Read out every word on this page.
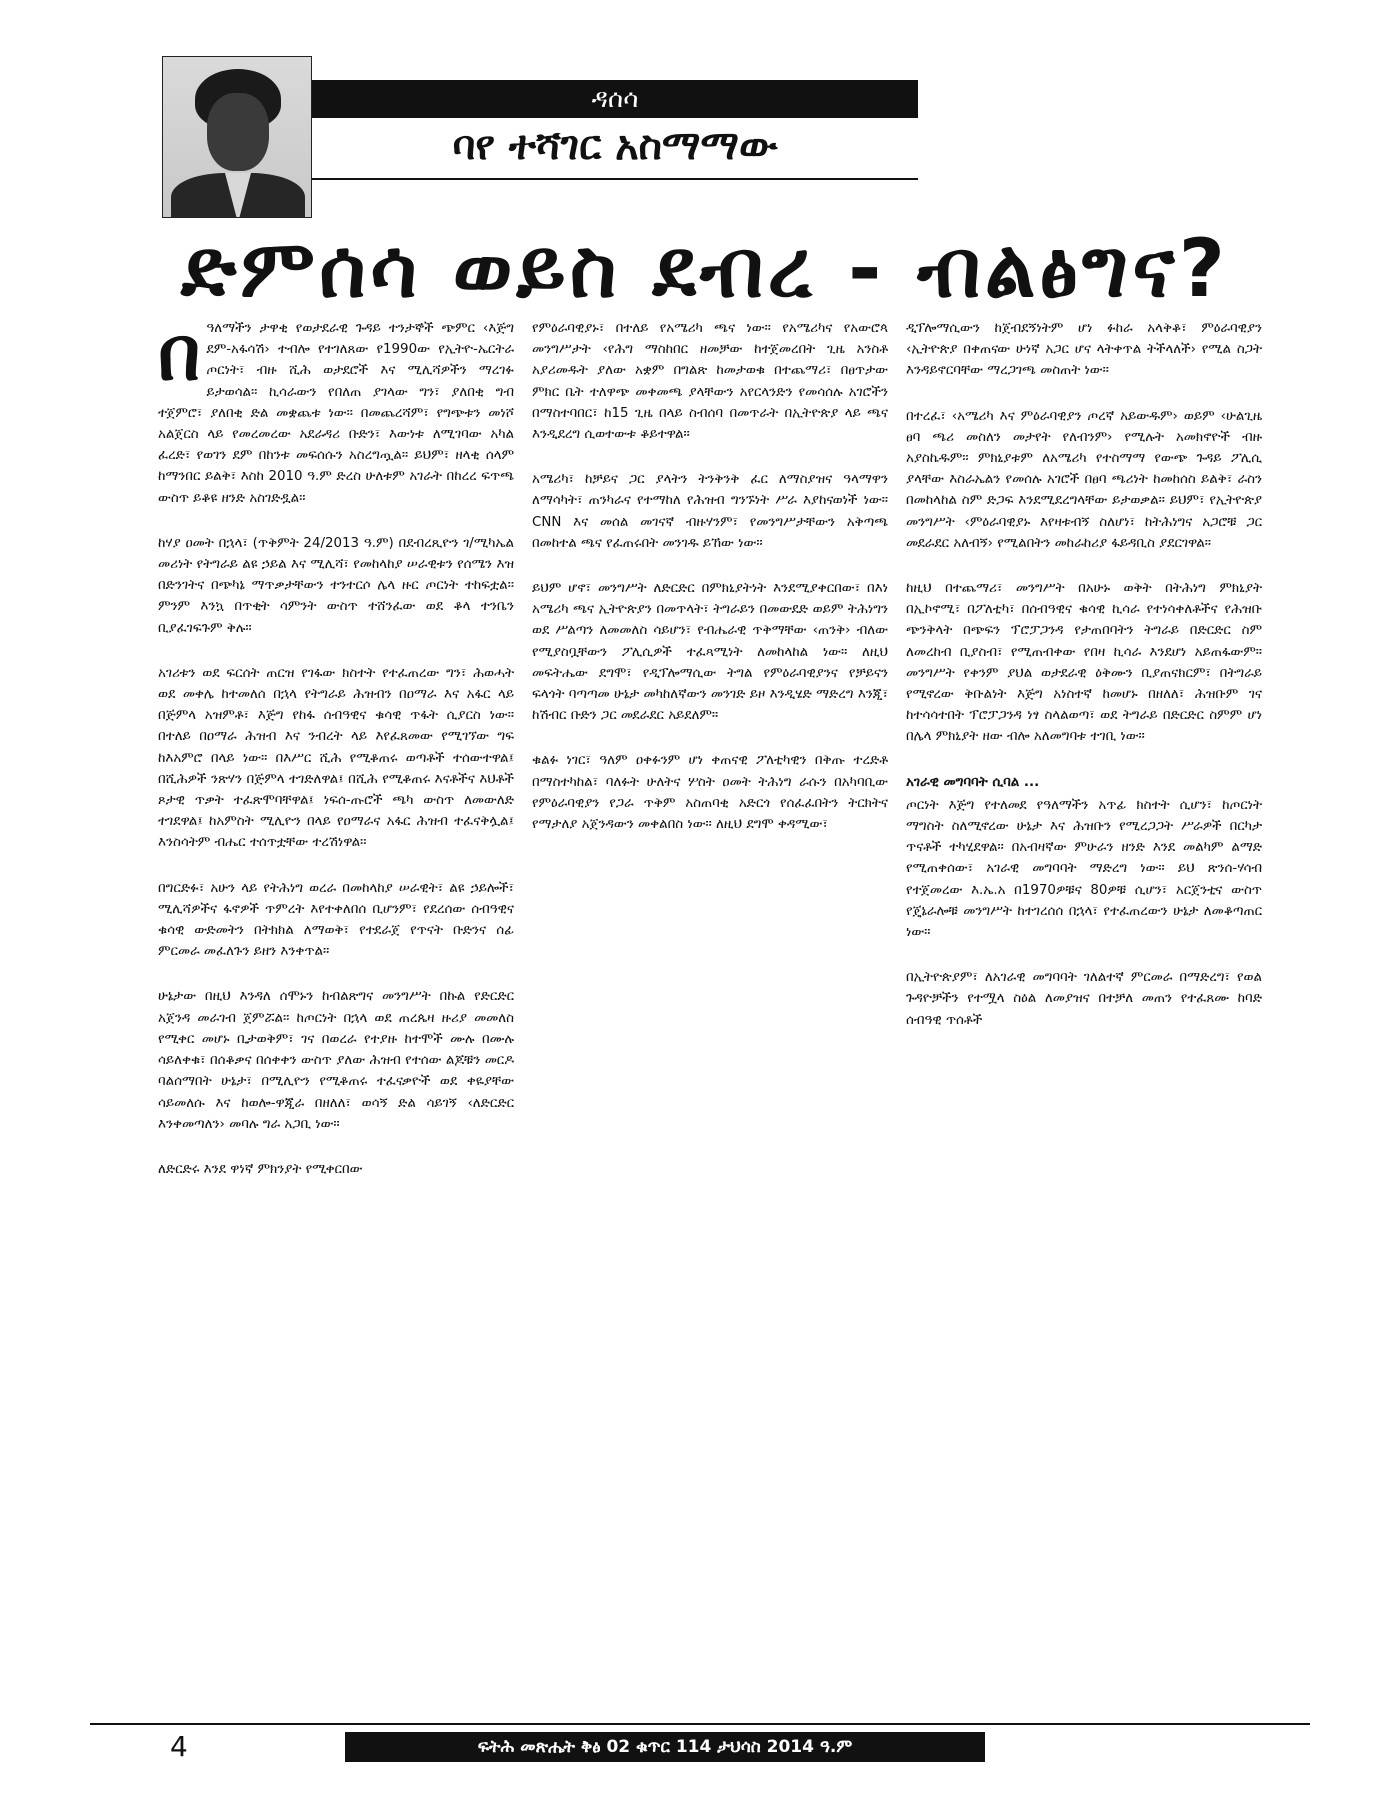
ዳሰሳ
ባየ ተሻገር አስማማው
ድምሰሳ ወይስ ደብረ - ብልፅግና?

በዓለማችን ታዋቂ የወታደራዊ ጉዳይ ተንታኞች ጭምር ‹እጅግ ደም-አፋሳሽ› ተብሎ የተገለጸው የ1990ው የኢትዮ-ኤርትራ ጦርነት፣ ብዙ ሺሕ ወታደሮች እና ሚሊሻዎችን ማረገፉ ይታወሳል፡፡ ኪሳራውን የበለጠ ያገላው ግን፣ ያለበቂ ግብ ተጀምሮ፣ ያለበቂ ድል መቋጨቱ ነው፡፡ በመጨረሻም፣ የግጭቱን መነሾ አልጀርስ ላይ የመረመረው አደራዳሪ ቡድን፣ እውነቱ ለሚገባው አካል ፈረድ፣ የወገን ደም በከንቱ መፍሰሱን አስረግጧል። ይህም፣ ዘላቂ ሰላም ከማንበር ይልቅ፣ እስከ 2010 ዓ.ም ድረስ ሁለቱም አገራት በከረረ ፍጥጫ ውስጥ ይቆዩ ዘንድ አስገድዷል፡፡

ከሃያ ዐመት በኋላ፣ (ጥቅምት 24/2013 ዓ.ም) በደብረጺዮን ገ/ሚካኤል መሪነት የትግራይ ልዩ ኃይል እና ሚሊሻ፣ የመከላከያ ሠራዊቱን የሰሜን እዝ በድንገትና በጭካኔ ማጥቃታቸውን ተንተርሶ ሌላ ዙር ጦርነት ተከፍቷል፡፡ ምንም እንኳ በጥቂት ሳምንት ውስጥ ተሸንፈው ወደ ቆላ ተንቤን ቢያፈገፍጉም ቅሉ፡፡

አገሪቱን ወደ ፍርሰት ጠርዝ የገፋው ክስተት የተፈጠረው ግን፣ ሕወሓት ወደ መቀሌ ከተመለሰ በኋላ የትግራይ ሕዝብን በዐማራ እና አፋር ላይ በጅምላ አዝምቶ፣ እጅግ የከፋ ሰብዓዊና ቁሳዊ ጥፋት ሲያርስ ነው። በተለይ በዐማራ ሕዝብ እና ንብረት ላይ እየፈጸመው የሚገኘው ግፍ ከእአምሮ በላይ ነው። በእሥር ሺሕ የሚቆጠሩ ወጣቶች ተሰውተዋል፤ በሺሕዎች ንጽሃን በጅምላ ተገድለዋል፤ በሺሕ የሚቆጠሩ እናቶችና እህቶች ጾታዊ ጥቃት ተፈጽሞባቸዋል፤ ነፍሰ-ጡሮች ጫካ ውስጥ ለመውለድ ተገደዋል፤ ከአምስት ሚሊዮን በላይ የዐማራና አፋር ሕዝብ ተፈናቅሏል፤ እንስሳትም ብሔር ተሰጥቷቸው ተረሽነዋል፡፡

በግርድፉ፣ አሁን ላይ የትሕነግ ወረራ በመከላከያ ሠራዊት፣ ልዩ ኃይሎች፣ ሚሊሻዎችና ፋኖዎች ጥምረት እየተቀለበሰ ቢሆንም፣ የደረሰው ሰብዓዊና ቁሳዊ ውድመትን በትክክል ለማወቅ፣ የተደራጀ የጥናት ቡድንና ሰፊ ምርመራ መፈለጉን ይዘን እንቀጥል።

ሁኔታው በዚህ እንዳለ ሰሞኑን ከብልጽግና መንግሥት በኩል የድርድር አጀንዳ መራገብ ጀምሯል፡፡ ከጦርነት በኋላ ወደ ጠረጴዛ ዙሪያ መመለስ የሚቀር መሆኑ ቢታወቅም፣ ገና በወረራ የተያዙ ከተሞች ሙሉ በሙሉ ሳይለቀቁ፣ በሰቆቃና በሰቀቀን ውስጥ ያለው ሕዝብ የተሰው ልጆቹን መርዶ ባልሰማበት ሁኔታ፣ በሚሊዮን የሚቆጠሩ ተፈናቃዮች ወደ ቀዬያቸው ሳይመለሱ እና ከወሎ-ዋጂራ በዘለለ፣ ወሳኝ ድል ሳይገኝ ‹ለድርድር እንቀመጣለን› መባሉ ግራ አጋቢ ነው።

ለድርድሩ እንደ ዋነኛ ምክንያት የሚቀርበው

የምዕራባዊያኑ፣ በተለይ የአሜሪካ ጫና ነው። የአሜሪካና የአውሮጳ መንግሥታት ‹የሕግ ማስከበር ዘመቻው ከተጀመረበት ጊዜ አንስቶ አያሪመዱት ያለው አቋም በግልጽ ከመታወቁ በተጨማሪ፣ በፀጥታው ምክር ቤት ተለዋጭ መቀመጫ ያላቸውን አየርላንድን የመሳሰሉ አገሮችን በማስተባበር፣ ከ15 ጊዜ በላይ ስብሰባ በመጥራት በኢትዮጵያ ላይ ጫና እንዲደረግ ሲወተውቱ ቆይተዋል።

አሜሪካ፣ ከቻይና ጋር ያላትን ትንቅንቅ ፈር ለማስያዝና ዓላማዋን ለማሳካት፣ ጠንካራና የተማከለ የሕዝብ ግንኙነት ሥራ እያከናወነች ነው። CNN እና መሰል መገናኛ ብዙሃንም፣ የመንግሥታቸውን አቅጣጫ በመከተል ጫና የፈጠሩበት መንገዱ ይኸው ነው።

ይህም ሆኖ፣ መንግሥት ለድርድር በምክኒያትነት እንደሚያቀርበው፣ በእነ አሜሪካ ጫና ኢትዮጵያን በመጥላት፣ ትግራይን በመውደድ ወይም ትሕነግን ወደ ሥልጣን ለመመለስ ሳይሆን፣ የብሔራዊ ጥቅማቸው ‹ጠንቅ› ብለው የሚያስቧቸውን ፖሊሲዎች ተፈጻሚነት ለመከላከል ነው። ለዚህ መፍትሔው ደግሞ፣ የዲፕሎማሲው ትግል የምዕራባዊያንና የቻይናን ፍላጎት ባጣጣመ ሁኔታ መካከለኛውን መንገድ ይዞ እንዲሄድ ማድረግ እንጂ፣ ከሽብር ቡድን ጋር መደራደር አይደለም።

ቁልፉ ነገር፣ ዓለም ዐቀፉንም ሆነ ቀጠናዊ ፖለቲካዊን በቅጡ ተረድቶ በማስተካከል፣ ባለፉት ሁለትና ሦስት ዐመት ትሕነግ ራሱን በአካባቢው የምዕራባዊያን የጋራ ጥቅም አስጠባቂ አድርጎ የሰፈፈበትን ትርክትና የማታለያ አጀንዳውን መቀልበስ ነው። ለዚህ ደግሞ ቀዳሚው፣

ዲፕሎማሲውን ከጀብደኝነትም ሆነ ፉከራ አላቅቆ፣ ምዕራባዊያን ‹ኢትዮጵያ በቀጠናው ሁነኛ አጋር ሆና ላትቀጥል ትችላለች› የሚል ስጋት እንዳይኖርባቸው ማረጋገጫ መስጠት ነው።

በተረፈ፣ ‹አሜሪካ እና ምዕራባዊያን ጦረኛ አይውዱም› ወይም ‹ሁልጊዜ ፀባ ጫሪ መስለን መታየት የለብንም› የሚሉት አመክኖዮች ብዙ አያስኬዱም፡፡ ምክኒያቱም ለአሜሪካ የተስማማ የውጭ ጉዳይ ፖሊሲ ያላቸው እስራኤልን የመሰሉ አገሮች በፀባ ጫሪነት ከመከሰስ ይልቅ፣ ራስን በመከላከል ስም ድጋፍ እንደሚደረግላቸው ይታወቃል። ይህም፣ የኢትዮጵያ መንግሥት ‹ምዕራባዊያኑ እየዛቱብኝ ስለሆነ፣ ከትሕነግና አጋሮቹ ጋር መደራደር አለብኝ› የሚልበትን መከራከሪያ ፋይዳቢስ ያደርገዋል።

ከዚህ በተጨማሪ፣ መንግሥት በአሁኑ ወቅት በትሕነግ ምክኒያት በኢኮኖሚ፣ በፖለቲካ፣ በሰብዓዊና ቁሳዊ ኪሳራ የተነሳቀለቶችና የሕዝቡ ጭንቅላት በጭፍን ፕሮፓጋንዳ የታጠበባትን ትግራይ በድርድር ስም ለመረከብ ቢያስብ፣ የሚጠብቀው የበዛ ኪሳራ እንደሆነ አይጠፋውም። መንግሥት የቀንም ያህል ወታደራዊ ዕቅሙን ቢያጠናክርም፣ በትግራይ የሚኖረው ቅቡልነት እጅግ አነስተኛ ከመሆኑ በዘለለ፣ ሕዝቡም ገና ከተሳሳተበት ፕሮፓጋንዳ ነፃ ስላልወጣ፣ ወደ ትግራይ በድርድር ስምም ሆነ በሌላ ምክኒያት ዘው ብሎ አለመግባቱ ተገቢ ነው።

አገራዊ መግባባት ሲባል ...

ጦርነት እጅግ የተለመደ የዓለማችን አጥፊ ክስተት ሲሆን፣ ከጦርነት ማግስት ስለሚኖረው ሁኔታ እና ሕዝቡን የሚረጋጋት ሥራዎች በርካታ ጥናቶች ተካሂደዋል። በአብዛኛው ምሁራን ዘንድ እንደ መልካም ልማድ የሚጠቀሰው፣ አገራዊ መግባባት ማድረግ ነው። ይህ ጽንሰ-ሃሳብ የተጀመረው እ.ኤ.አ በ1970ዎቹና 80ዎቹ ሲሆን፣ አርጀንቲና ውስጥ የጄኔራሎቹ መንግሥት ከተገረሰሰ በኋላ፣ የተፈጠረውን ሁኔታ ለመቆጣጠር ነው።

በኢትዮጵያም፣ ለአገራዊ መግባባት ገለልተኛ ምርመራ በማድረግ፣ የወል ጉዳዮቻችን የተሟላ ስዕል ለመያዝና በተቻለ መጠን የተፈጸሙ ከባድ ሰብዓዊ ጥሰቶች

4	ፍትሕ መጽሔት ቅፅ 02 ቁጥር 114 ታህሳስ 2014 ዓ.ም
